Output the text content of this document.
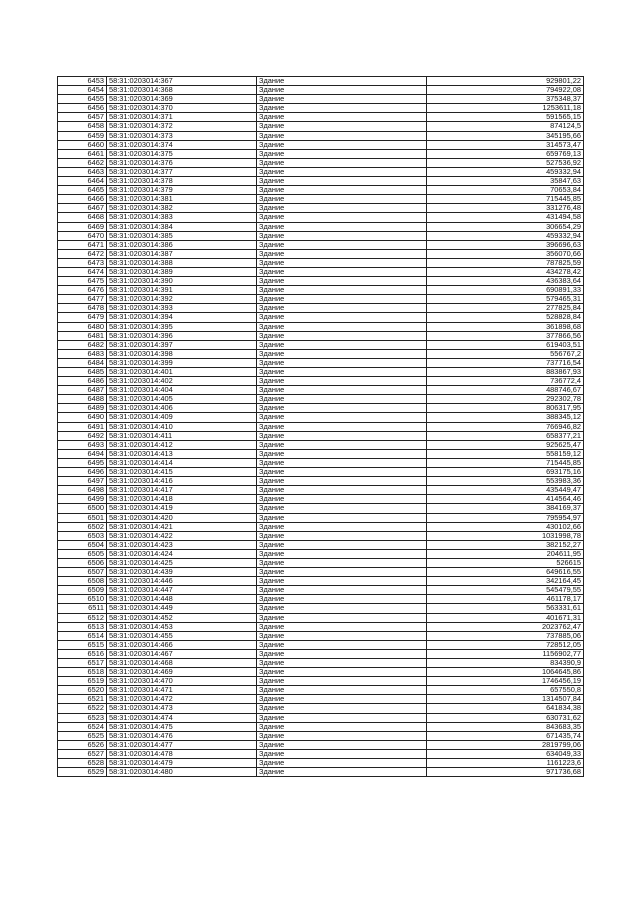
6453	58:31:0203014:367	Здание	929801,22
6454	58:31:0203014:368	Здание	794922,08
6455	58:31:0203014:369	Здание	375348,37
6456	58:31:0203014:370	Здание	1253611,18
6457	58:31:0203014:371	Здание	591565,15
6458	58:31:0203014:372	Здание	874124,5
6459	58:31:0203014:373	Здание	345195,66
6460	58:31:0203014:374	Здание	314573,47
6461	58:31:0203014:375	Здание	659769,13
6462	58:31:0203014:376	Здание	527536,92
6463	58:31:0203014:377	Здание	459332,94
6464	58:31:0203014:378	Здание	35847,63
6465	58:31:0203014:379	Здание	70653,84
6466	58:31:0203014:381	Здание	715445,85
6467	58:31:0203014:382	Здание	331276,48
6468	58:31:0203014:383	Здание	431494,58
6469	58:31:0203014:384	Здание	306654,29
6470	58:31:0203014:385	Здание	459332,94
6471	58:31:0203014:386	Здание	396696,63
6472	58:31:0203014:387	Здание	356070,66
6473	58:31:0203014:388	Здание	787825,59
6474	58:31:0203014:389	Здание	434278,42
6475	58:31:0203014:390	Здание	436383,64
6476	58:31:0203014:391	Здание	690891,33
6477	58:31:0203014:392	Здание	579465,31
6478	58:31:0203014:393	Здание	277825,84
6479	58:31:0203014:394	Здание	528828,84
6480	58:31:0203014:395	Здание	361898,68
6481	58:31:0203014:396	Здание	377866,56
6482	58:31:0203014:397	Здание	619403,51
6483	58:31:0203014:398	Здание	556767,2
6484	58:31:0203014:399	Здание	737716,54
6485	58:31:0203014:401	Здание	883867,93
6486	58:31:0203014:402	Здание	736772,4
6487	58:31:0203014:404	Здание	488746,67
6488	58:31:0203014:405	Здание	292302,78
6489	58:31:0203014:406	Здание	806317,95
6490	58:31:0203014:409	Здание	388345,12
6491	58:31:0203014:410	Здание	766946,82
6492	58:31:0203014:411	Здание	658377,21
6493	58:31:0203014:412	Здание	925625,47
6494	58:31:0203014:413	Здание	558159,12
6495	58:31:0203014:414	Здание	715445,85
6496	58:31:0203014:415	Здание	693175,16
6497	58:31:0203014:416	Здание	553983,36
6498	58:31:0203014:417	Здание	435449,47
6499	58:31:0203014:418	Здание	414564,46
6500	58:31:0203014:419	Здание	384169,37
6501	58:31:0203014:420	Здание	795954,97
6502	58:31:0203014:421	Здание	430102,66
6503	58:31:0203014:422	Здание	1031998,78
6504	58:31:0203014:423	Здание	382152,27
6505	58:31:0203014:424	Здание	204611,95
6506	58:31:0203014:425	Здание	526615
6507	58:31:0203014:439	Здание	649616,55
6508	58:31:0203014:446	Здание	342164,45
6509	58:31:0203014:447	Здание	545479,55
6510	58:31:0203014:448	Здание	461178,17
6511	58:31:0203014:449	Здание	563331,61
6512	58:31:0203014:452	Здание	401671,31
6513	58:31:0203014:453	Здание	2023762,47
6514	58:31:0203014:455	Здание	737885,06
6515	58:31:0203014:466	Здание	728512,05
6516	58:31:0203014:467	Здание	1156902,77
6517	58:31:0203014:468	Здание	834390,9
6518	58:31:0203014:469	Здание	1064645,86
6519	58:31:0203014:470	Здание	1746456,19
6520	58:31:0203014:471	Здание	657550,8
6521	58:31:0203014:472	Здание	1314507,84
6522	58:31:0203014:473	Здание	641834,38
6523	58:31:0203014:474	Здание	630731,62
6524	58:31:0203014:475	Здание	843683,35
6525	58:31:0203014:476	Здание	671435,74
6526	58:31:0203014:477	Здание	2819799,06
6527	58:31:0203014:478	Здание	634049,33
6528	58:31:0203014:479	Здание	1161223,6
6529	58:31:0203014:480	Здание	971736,68
